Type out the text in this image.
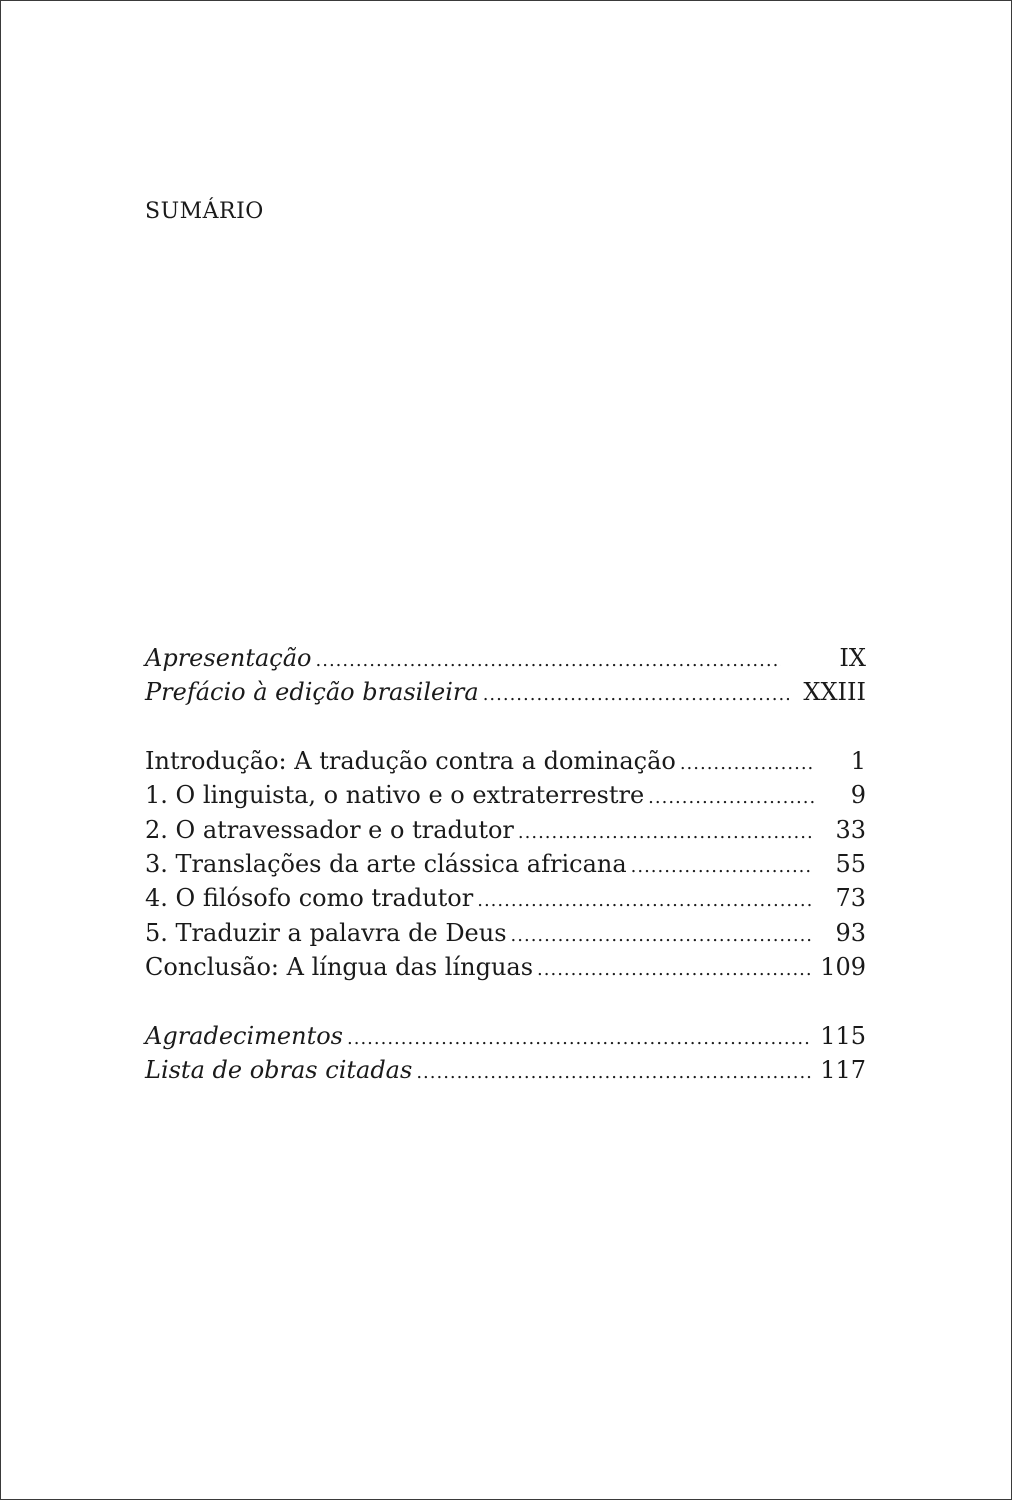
SUMÁRIO
Apresentação .....	IX
Prefácio à edição brasileira .....	XXIII
Introdução: A tradução contra a dominação .....	1
1. O linguista, o nativo e o extraterrestre .....	9
2. O atravessador e o tradutor .....	33
3. Translações da arte clássica africana .....	55
4. O filósofo como tradutor .....	73
5. Traduzir a palavra de Deus .....	93
Conclusão: A língua das línguas .....	109
Agradecimentos .....	115
Lista de obras citadas .....	117
